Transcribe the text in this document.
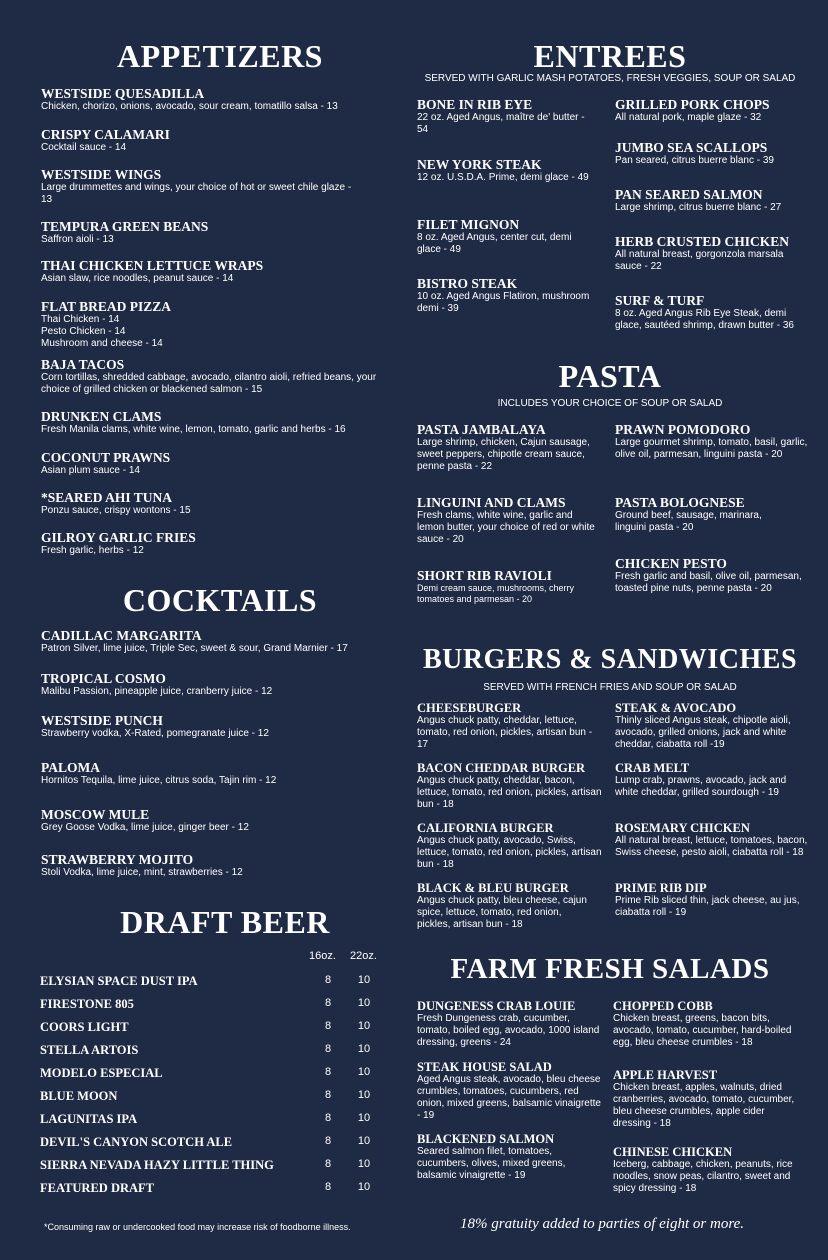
APPETIZERS
WESTSIDE QUESADILLA
Chicken, chorizo, onions, avocado, sour cream, tomatillo salsa - 13
CRISPY CALAMARI
Cocktail sauce - 14
WESTSIDE WINGS
Large drummettes and wings, your choice of hot or sweet chile glaze - 13
TEMPURA GREEN BEANS
Saffron aioli - 13
THAI CHICKEN LETTUCE WRAPS
Asian slaw, rice noodles, peanut sauce - 14
FLAT BREAD PIZZA
Thai Chicken - 14
Pesto Chicken - 14
Mushroom and cheese - 14
BAJA TACOS
Corn tortillas, shredded cabbage, avocado, cilantro aioli, refried beans, your choice of grilled chicken or blackened salmon - 15
DRUNKEN CLAMS
Fresh Manila clams, white wine, lemon, tomato, garlic and herbs - 16
COCONUT PRAWNS
Asian plum sauce - 14
*SEARED AHI TUNA
Ponzu sauce, crispy wontons - 15
GILROY GARLIC FRIES
Fresh garlic, herbs - 12
COCKTAILS
CADILLAC MARGARITA
Patron Silver, lime juice, Triple Sec, sweet & sour, Grand Marnier - 17
TROPICAL COSMO
Malibu Passion, pineapple juice, cranberry juice - 12
WESTSIDE PUNCH
Strawberry vodka, X-Rated, pomegranate juice - 12
PALOMA
Hornitos Tequila, lime juice, citrus soda, Tajin rim - 12
MOSCOW MULE
Grey Goose Vodka, lime juice, ginger beer - 12
STRAWBERRY MOJITO
Stoli Vodka, lime juice, mint, strawberries - 12
DRAFT BEER
16oz. 22oz.
ELYSIAN SPACE DUST IPA	8 10
FIRESTONE 805	8 10
COORS LIGHT	8 10
STELLA ARTOIS	8 10
MODELO ESPECIAL	8 10
BLUE MOON	8 10
LAGUNITAS IPA	8 10
DEVIL'S CANYON SCOTCH ALE	8 10
SIERRA NEVADA HAZY LITTLE THING	8 10
FEATURED DRAFT	8 10
*Consuming raw or undercooked food may increase risk of foodborne illness.
ENTREES
SERVED WITH GARLIC MASH POTATOES, FRESH VEGGIES, SOUP OR SALAD
BONE IN RIB EYE
22 oz. Aged Angus, maître de' butter - 54
NEW YORK STEAK
12 oz. U.S.D.A. Prime, demi glace - 49
FILET MIGNON
8 oz. Aged Angus, center cut, demi glace - 49
BISTRO STEAK
10 oz. Aged Angus Flatiron, mushroom demi - 39
GRILLED PORK CHOPS
All natural pork, maple glaze - 32
JUMBO SEA SCALLOPS
Pan seared, citrus buerre blanc - 39
PAN SEARED SALMON
Large shrimp, citrus buerre blanc - 27
HERB CRUSTED CHICKEN
All natural breast, gorgonzola marsala sauce - 22
SURF & TURF
8 oz. Aged Angus Rib Eye Steak, demi glace, sautéed shrimp, drawn butter - 36
PASTA
INCLUDES YOUR CHOICE OF SOUP OR SALAD
PASTA JAMBALAYA
Large shrimp, chicken, Cajun sausage, sweet peppers, chipotle cream sauce, penne pasta - 22
LINGUINI AND CLAMS
Fresh clams, white wine, garlic and lemon butter, your choice of red or white sauce - 20
SHORT RIB RAVIOLI
Demi cream sauce, mushrooms, cherry tomatoes and parmesan - 20
PRAWN POMODORO
Large gourmet shrimp, tomato, basil, garlic, olive oil, parmesan, linguini pasta - 20
PASTA BOLOGNESE
Ground beef, sausage, marinara, linguini pasta - 20
CHICKEN PESTO
Fresh garlic and basil, olive oil, parmesan, toasted pine nuts, penne pasta - 20
BURGERS & SANDWICHES
SERVED WITH FRENCH FRIES AND SOUP OR SALAD
CHEESEBURGER
Angus chuck patty, cheddar, lettuce, tomato, red onion, pickles, artisan bun - 17
BACON CHEDDAR BURGER
Angus chuck patty, cheddar, bacon, lettuce, tomato, red onion, pickles, artisan bun - 18
CALIFORNIA BURGER
Angus chuck patty, avocado, Swiss, lettuce, tomato, red onion, pickles, artisan bun - 18
BLACK & BLEU BURGER
Angus chuck patty, bleu cheese, cajun spice, lettuce, tomato, red onion, pickles, artisan bun - 18
STEAK & AVOCADO
Thinly sliced Angus steak, chipotle aioli, avocado, grilled onions, jack and white cheddar, ciabatta roll -19
CRAB MELT
Lump crab, prawns, avocado, jack and white cheddar, grilled sourdough - 19
ROSEMARY CHICKEN
All natural breast, lettuce, tomatoes, bacon, Swiss cheese, pesto aioli, ciabatta roll - 18
PRIME RIB DIP
Prime Rib sliced thin, jack cheese, au jus, ciabatta roll - 19
FARM FRESH SALADS
DUNGENESS CRAB LOUIE
Fresh Dungeness crab, cucumber, tomato, boiled egg, avocado, 1000 island dressing, greens - 24
STEAK HOUSE SALAD
Aged Angus steak, avocado, bleu cheese crumbles, tomatoes, cucumbers, red onion, mixed greens, balsamic vinaigrette - 19
BLACKENED SALMON
Seared salmon filet, tomatoes, cucumbers, olives, mixed greens, balsamic vinaigrette - 19
CHOPPED COBB
Chicken breast, greens, bacon bits, avocado, tomato, cucumber, hard-boiled egg, bleu cheese crumbles - 18
APPLE HARVEST
Chicken breast, apples, walnuts, dried cranberries, avocado, tomato, cucumber, bleu cheese crumbles, apple cider dressing - 18
CHINESE CHICKEN
Iceberg, cabbage, chicken, peanuts, rice noodles, snow peas, cilantro, sweet and spicy dressing - 18
18% gratuity added to parties of eight or more.
